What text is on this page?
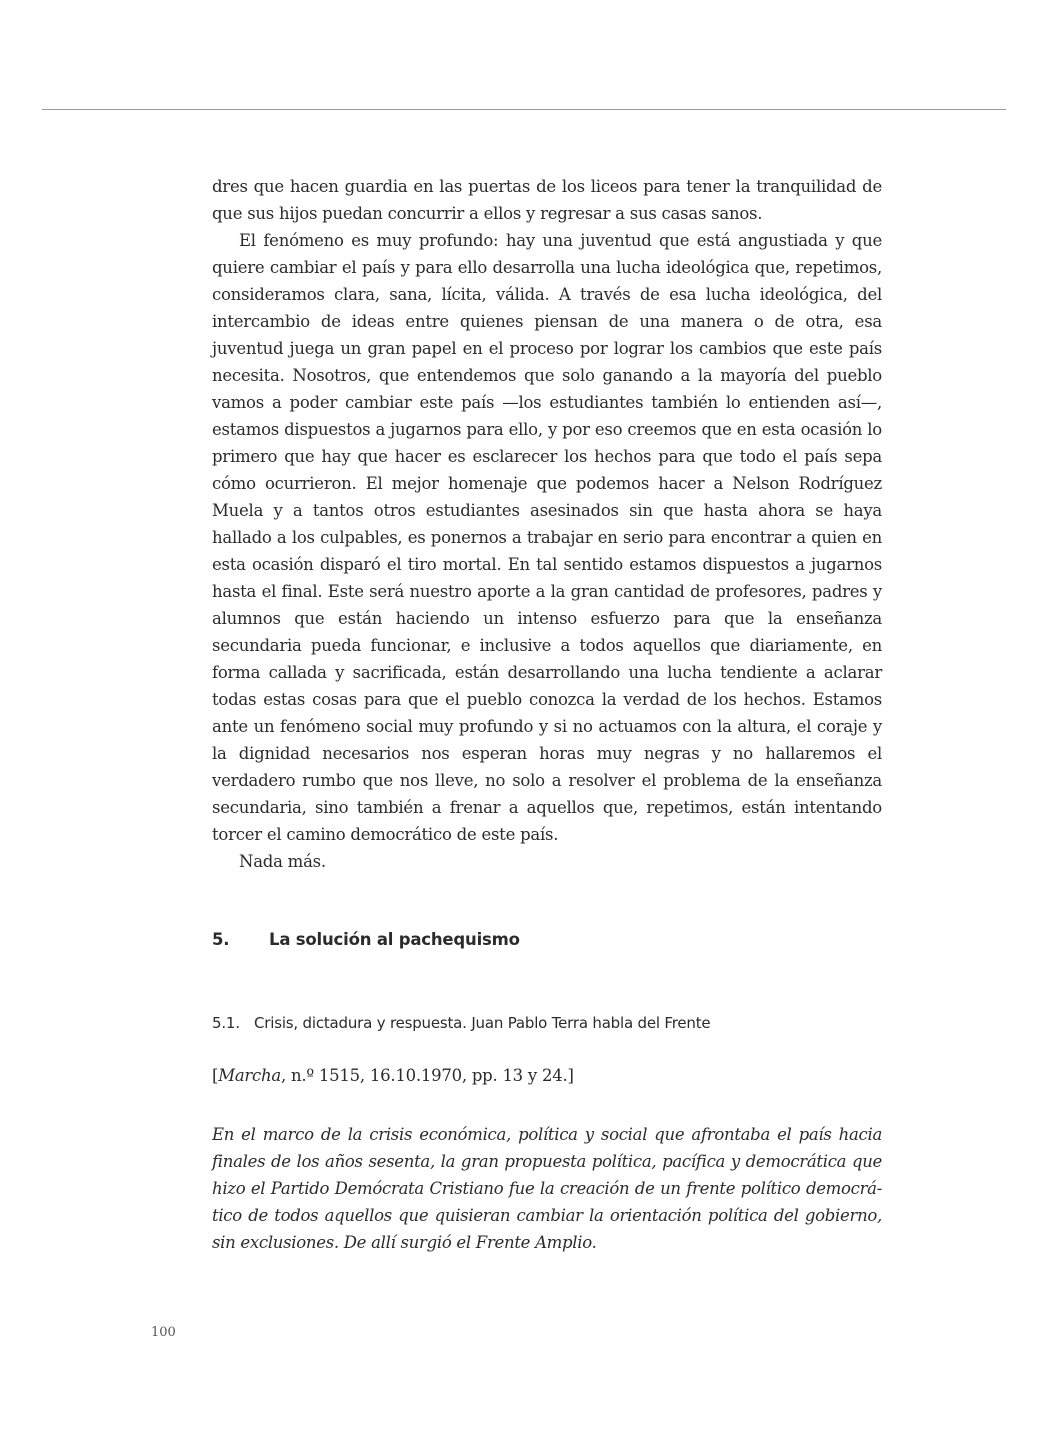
dres que hacen guardia en las puertas de los liceos para tener la tranquilidad de que sus hijos puedan concurrir a ellos y regresar a sus casas sanos.

El fenómeno es muy profundo: hay una juventud que está angustiada y que quiere cambiar el país y para ello desarrolla una lucha ideológica que, repetimos, consideramos clara, sana, lícita, válida. A través de esa lucha ideológica, del intercambio de ideas entre quienes piensan de una manera o de otra, esa juventud juega un gran papel en el proceso por lograr los cambios que este país necesita. Nosotros, que entendemos que solo ganando a la mayoría del pueblo vamos a poder cambiar este país —los estudiantes también lo entienden así—, estamos dispuestos a jugarnos para ello, y por eso creemos que en esta ocasión lo primero que hay que hacer es esclarecer los hechos para que todo el país sepa cómo ocurrieron. El mejor homenaje que podemos hacer a Nelson Rodríguez Muela y a tantos otros estudiantes asesinados sin que hasta ahora se haya hallado a los culpables, es ponernos a trabajar en serio para encontrar a quien en esta ocasión disparó el tiro mortal. En tal sentido estamos dispuestos a jugarnos hasta el final. Este será nuestro aporte a la gran cantidad de profesores, padres y alumnos que están haciendo un intenso esfuerzo para que la enseñanza secundaria pueda funcionar, e inclusive a todos aquellos que diariamente, en forma callada y sacrificada, están desarrollando una lucha tendiente a aclarar todas estas cosas para que el pueblo conozca la verdad de los hechos. Estamos ante un fenómeno social muy profundo y si no actuamos con la altura, el coraje y la dignidad necesarios nos esperan horas muy negras y no hallaremos el verdadero rumbo que nos lleve, no solo a resolver el problema de la enseñanza secundaria, sino también a frenar a aquellos que, repetimos, están intentando torcer el camino democrático de este país.

Nada más.

5. La solución al pachequismo
5.1. Crisis, dictadura y respuesta. Juan Pablo Terra habla del Frente
[Marcha, n.º 1515, 16.10.1970, pp. 13 y 24.]

En el marco de la crisis económica, política y social que afrontaba el país hacia finales de los años sesenta, la gran propuesta política, pacífica y democrática que hizo el Partido Demócrata Cristiano fue la creación de un frente político democrá-tico de todos aquellos que quisieran cambiar la orientación política del gobierno, sin exclusiones. De allí surgió el Frente Amplio.

100
